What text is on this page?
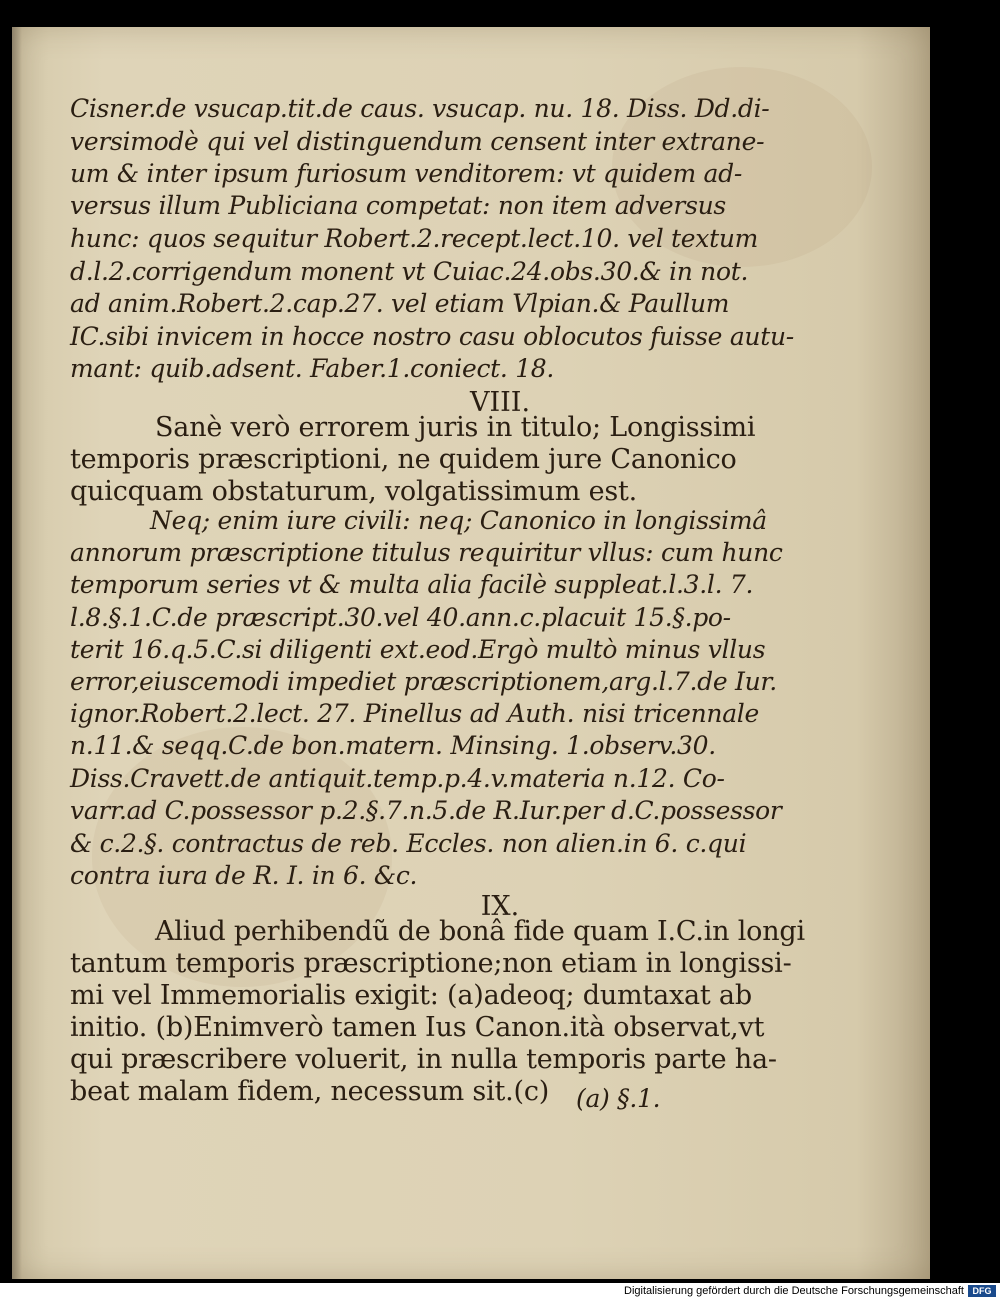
Cisner.de vsucap.tit.de caus. vsucap. nu. 18. Diss. Dd.di-
versimodè qui vel distinguendum censent inter extrane-
um & inter ipsum furiosum venditorem: vt quidem ad-
versus illum Publiciana competat: non item adversus
hunc: quos sequitur Robert.2.recept.lect.10. vel textum
d.l.2.corrigendum monent vt Cuiac.24.obs.30.& in not.
ad anim.Robert.2.cap.27. vel etiam Vlpian.& Paullum
IC.sibi invicem in hocce nostro casu oblocutos fuisse autu-
mant: quib.adsent. Faber.1.coniect. 18.
VIII.
Sanè verò errorem juris in titulo; Longissimi
temporis præscriptioni, ne quidem jure Canonico
quicquam obstaturum, volgatissimum est.
Neq; enim iure civili: neq; Canonico in longissimâ
annorum præscriptione titulus requiritur vllus: cum hunc
temporum series vt & multa alia facilè suppleat.l.3.l. 7.
l.8.§.1.C.de præscript.30.vel 40.ann.c.placuit 15.§.po-
terit 16.q.5.C.si diligenti ext.eod.Ergò multò minus vllus
error,eiuscemodi impediet præscriptionem,arg.l.7.de Iur.
ignor.Robert.2.lect. 27. Pinellus ad Auth. nisi tricennale
n.11.& seqq.C.de bon.matern. Minsing. 1.observ.30.
Diss.Cravett.de antiquit.temp.p.4.v.materia n.12. Co-
varr.ad C.possessor p.2.§.7.n.5.de R.Iur.per d.C.possessor
& c.2.§. contractus de reb. Eccles. non alien.in 6. c.qui
contra iura de R. I. in 6. &c.
IX.
Aliud perhibendũ de bonâ fide quam I.C.in longi
tantum temporis præscriptione;non etiam in longissi-
mi vel Immemorialis exigit: (a)adeoq; dumtaxat ab
initio. (b)Enimverò tamen Ius Canon.ità observat,vt
qui præscribere voluerit, in nulla temporis parte ha-
beat malam fidem, necessum sit.(c) (a) §.1.
Digitalisierung gefördert durch die Deutsche Forschungsgemeinschaft DFG
